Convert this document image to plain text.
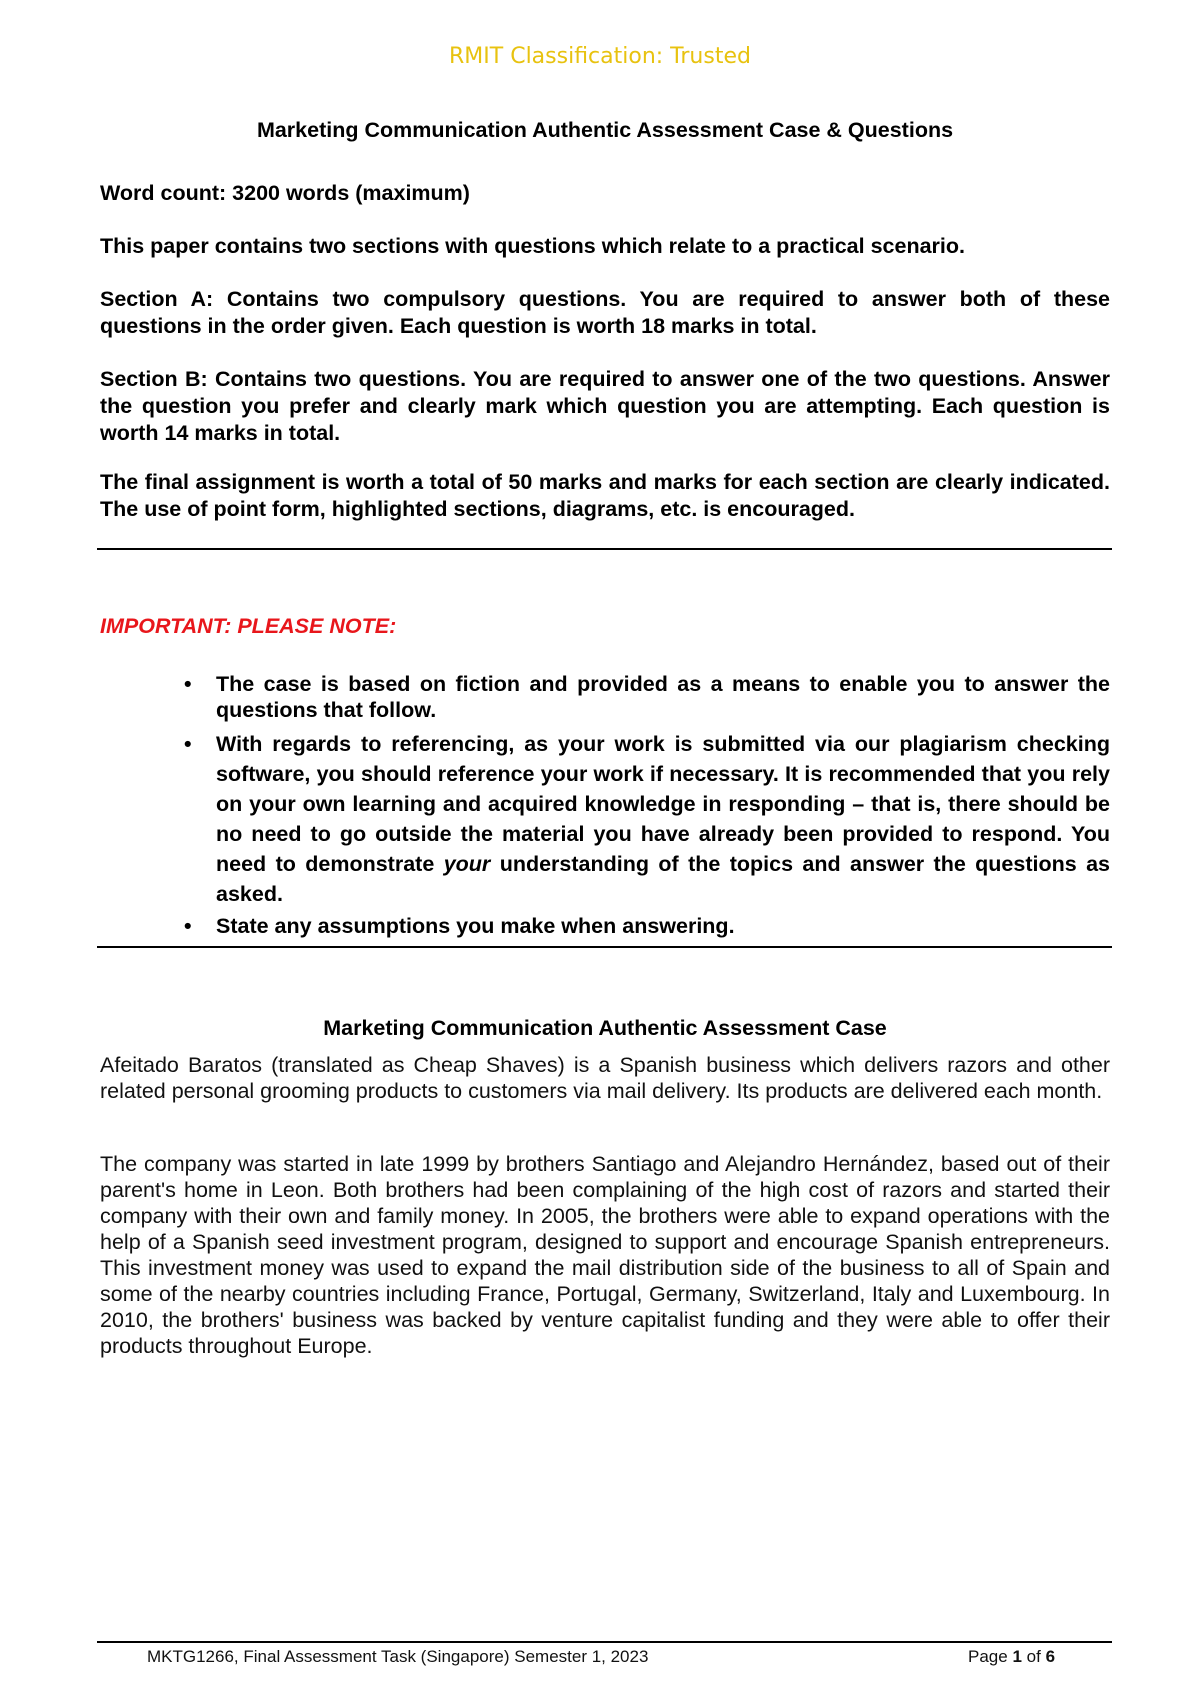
RMIT Classification: Trusted
Marketing Communication Authentic Assessment Case & Questions
Word count: 3200 words (maximum)
This paper contains two sections with questions which relate to a practical scenario.
Section A: Contains two compulsory questions. You are required to answer both of these questions in the order given. Each question is worth 18 marks in total.
Section B: Contains two questions. You are required to answer one of the two questions. Answer the question you prefer and clearly mark which question you are attempting. Each question is worth 14 marks in total.
The final assignment is worth a total of 50 marks and marks for each section are clearly indicated. The use of point form, highlighted sections, diagrams, etc. is encouraged.
IMPORTANT: PLEASE NOTE:
• The case is based on fiction and provided as a means to enable you to answer the questions that follow.
• With regards to referencing, as your work is submitted via our plagiarism checking software, you should reference your work if necessary. It is recommended that you rely on your own learning and acquired knowledge in responding – that is, there should be no need to go outside the material you have already been provided to respond. You need to demonstrate your understanding of the topics and answer the questions as asked.
• State any assumptions you make when answering.
Marketing Communication Authentic Assessment Case
Afeitado Baratos (translated as Cheap Shaves) is a Spanish business which delivers razors and other related personal grooming products to customers via mail delivery. Its products are delivered each month.
The company was started in late 1999 by brothers Santiago and Alejandro Hernández, based out of their parent's home in Leon. Both brothers had been complaining of the high cost of razors and started their company with their own and family money. In 2005, the brothers were able to expand operations with the help of a Spanish seed investment program, designed to support and encourage Spanish entrepreneurs. This investment money was used to expand the mail distribution side of the business to all of Spain and some of the nearby countries including France, Portugal, Germany, Switzerland, Italy and Luxembourg. In 2010, the brothers' business was backed by venture capitalist funding and they were able to offer their products throughout Europe.
MKTG1266, Final Assessment Task (Singapore) Semester 1, 2023	Page 1 of 6
